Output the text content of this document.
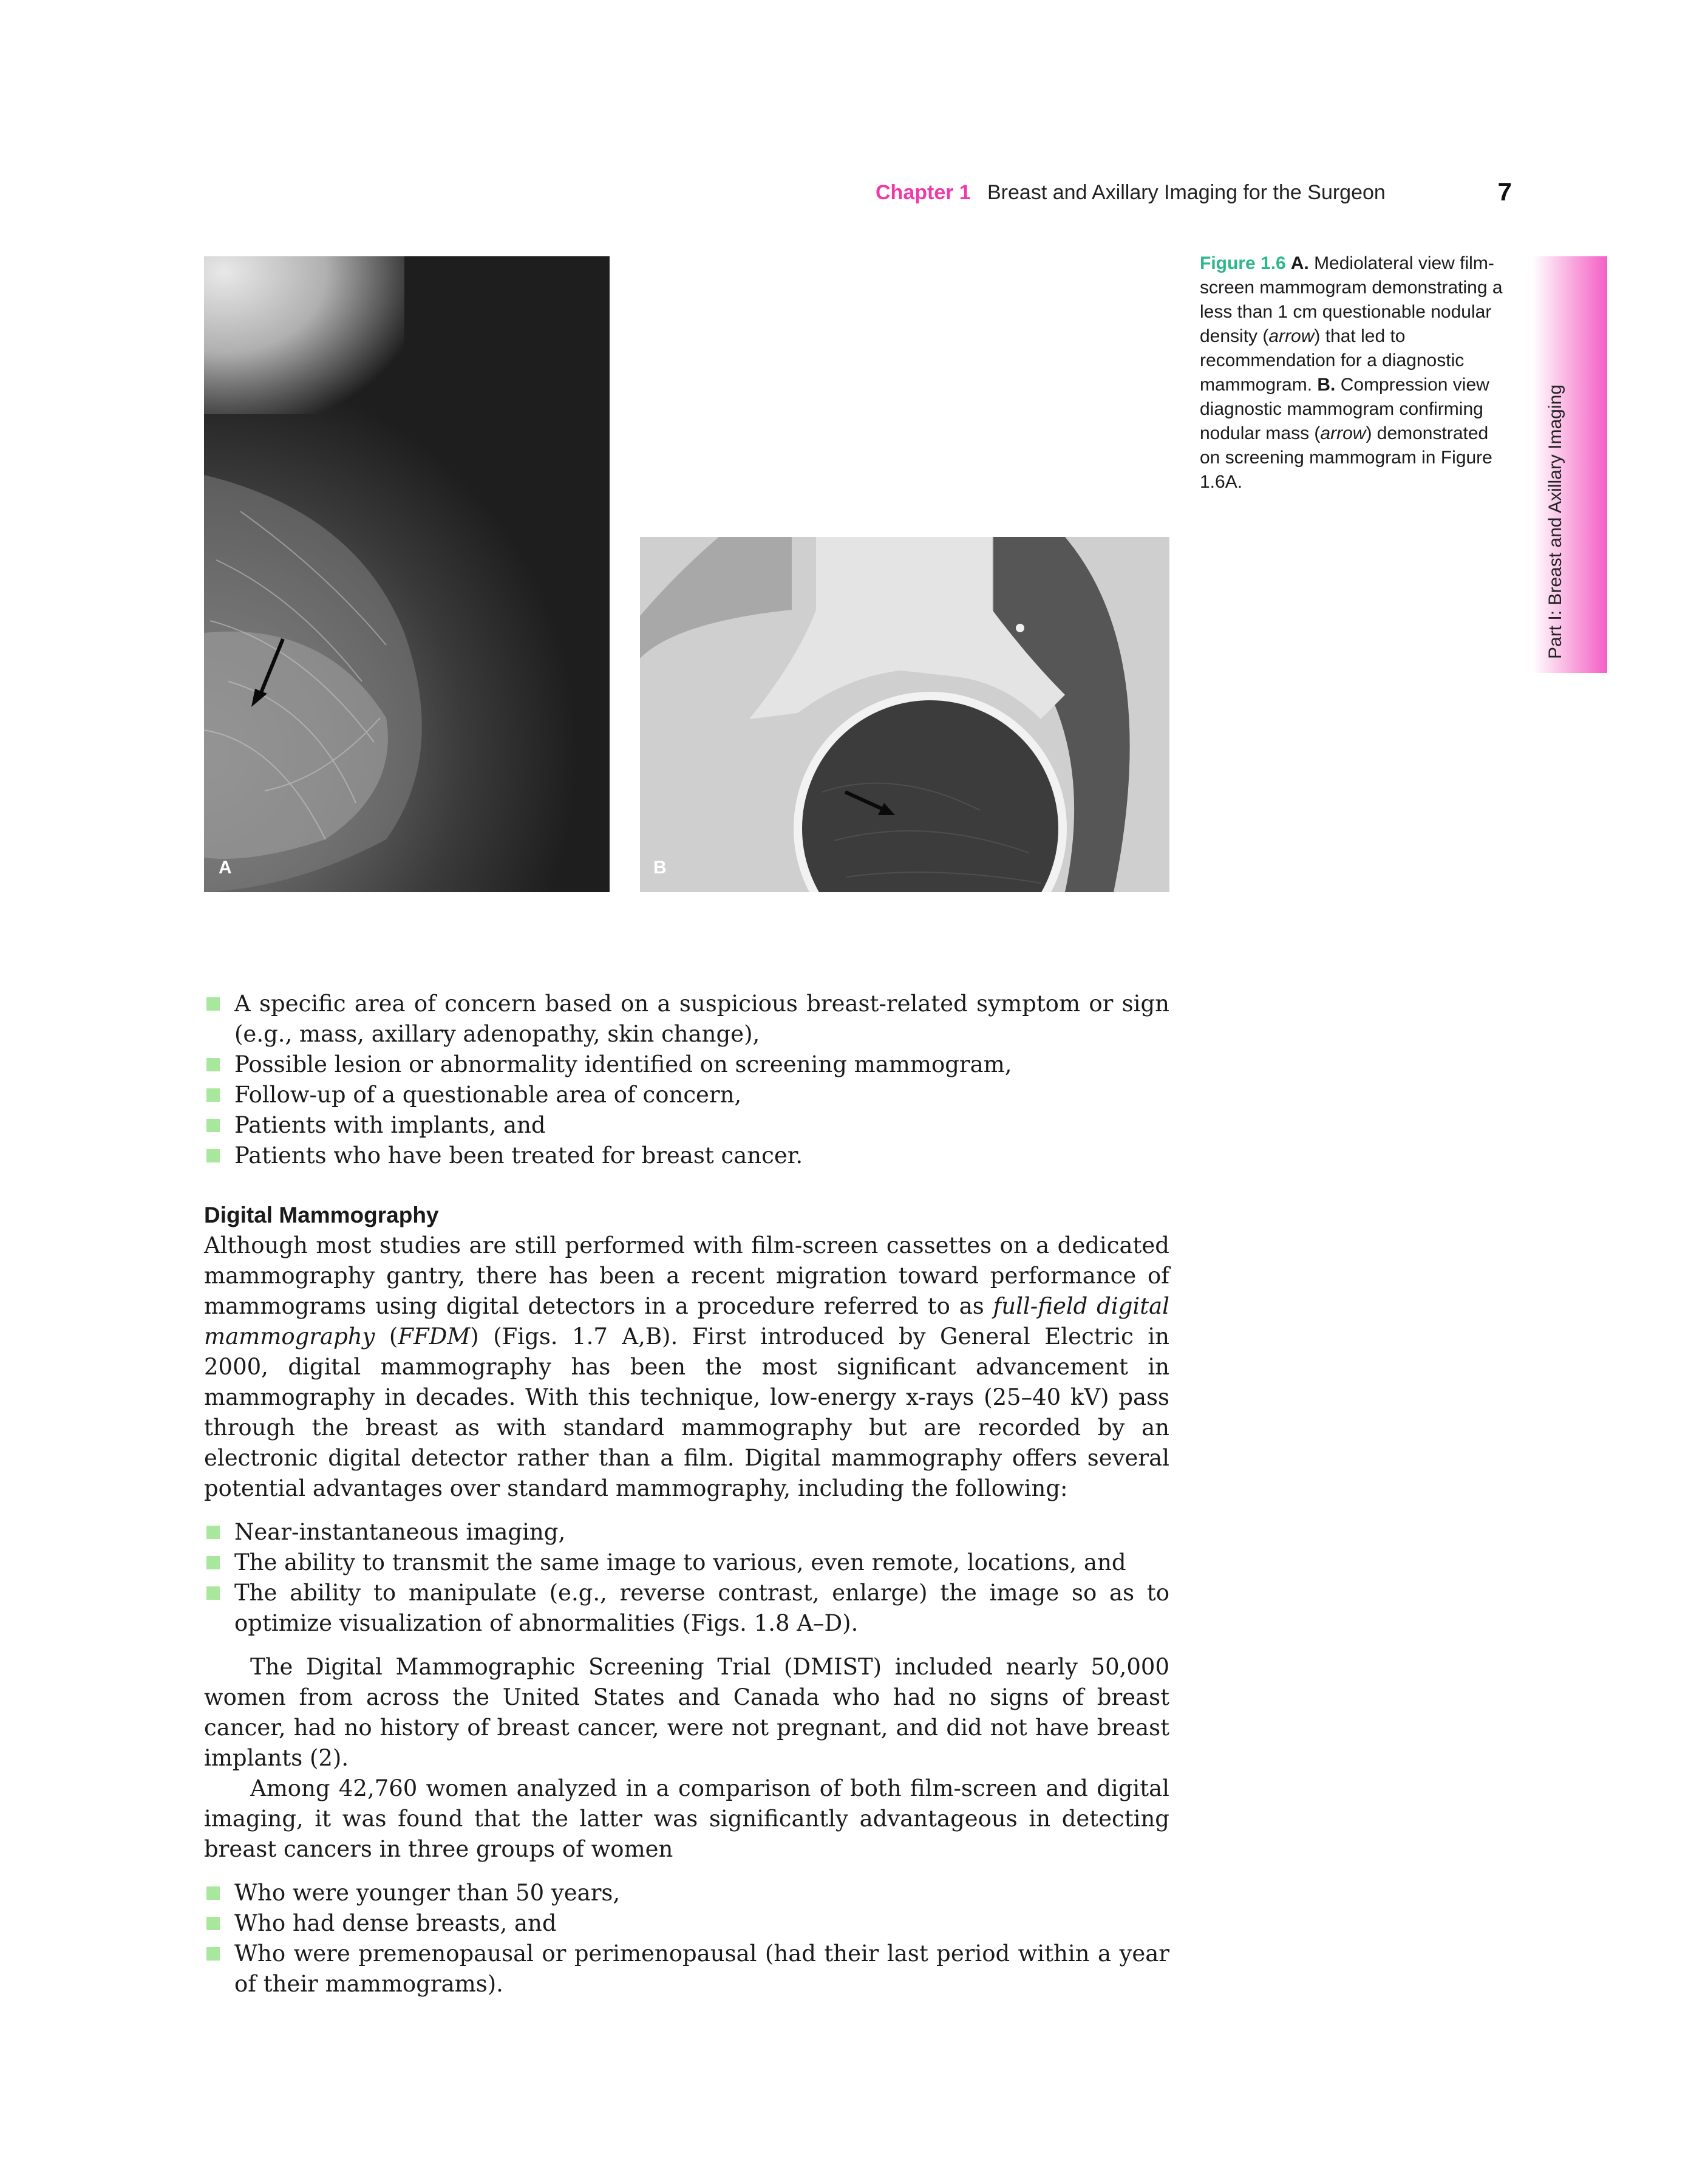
Chapter 1 Breast and Axillary Imaging for the Surgeon	7
Part I: Breast and Axillary Imaging
A	B
Figure 1.6 A. Mediolateral view film-screen mammogram demonstrating a less than 1 cm questionable nodular density (arrow) that led to recommendation for a diagnostic mammogram. B. Compression view diagnostic mammogram confirming nodular mass (arrow) demonstrated on screening mammogram in Figure 1.6A.
A specific area of concern based on a suspicious breast-related symptom or sign (e.g., mass, axillary adenopathy, skin change),
Possible lesion or abnormality identified on screening mammogram,
Follow-up of a questionable area of concern,
Patients with implants, and
Patients who have been treated for breast cancer.
Digital Mammography

Although most studies are still performed with film-screen cassettes on a dedicated mammography gantry, there has been a recent migration toward performance of mammograms using digital detectors in a procedure referred to as full-field digital mammography (FFDM) (Figs. 1.7 A,B). First introduced by General Electric in 2000, digital mammography has been the most significant advancement in mammography in decades. With this technique, low-energy x-rays (25–40 kV) pass through the breast as with standard mammography but are recorded by an electronic digital detector rather than a film. Digital mammography offers several potential advantages over standard mammography, including the following:

Near-instantaneous imaging,
The ability to transmit the same image to various, even remote, locations, and
The ability to manipulate (e.g., reverse contrast, enlarge) the image so as to optimize visualization of abnormalities (Figs. 1.8 A–D).

The Digital Mammographic Screening Trial (DMIST) included nearly 50,000 women from across the United States and Canada who had no signs of breast cancer, had no history of breast cancer, were not pregnant, and did not have breast implants (2).

Among 42,760 women analyzed in a comparison of both film-screen and digital imaging, it was found that the latter was significantly advantageous in detecting breast cancers in three groups of women

Who were younger than 50 years,
Who had dense breasts, and
Who were premenopausal or perimenopausal (had their last period within a year of their mammograms).
